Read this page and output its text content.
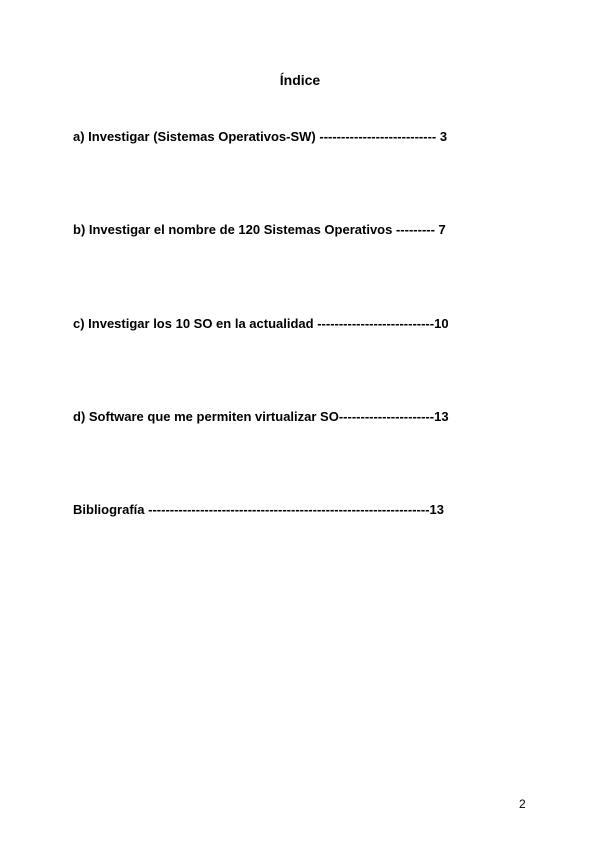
Índice
a) Investigar (Sistemas Operativos-SW) --------------------------- 3
b) Investigar el nombre de 120 Sistemas Operativos --------- 7
c) Investigar los 10 SO en la actualidad ---------------------------10
d) Software que me permiten virtualizar SO----------------------13
Bibliografía -----------------------------------------------------------------13
2
